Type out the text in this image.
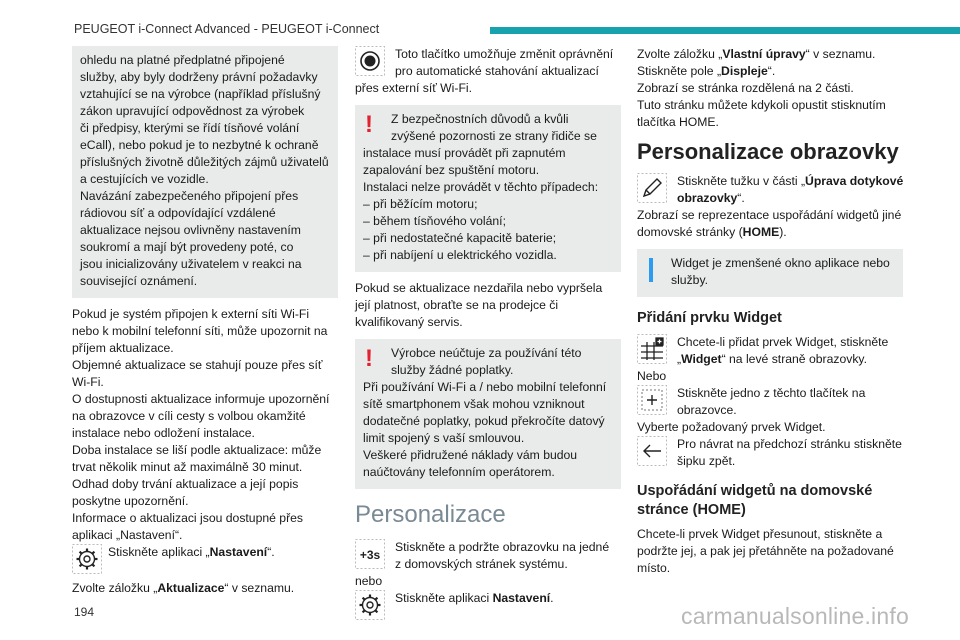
PEUGEOT i-Connect Advanced - PEUGEOT i-Connect
ohledu na platné předplatné připojené
služby, aby byly dodrženy právní požadavky
vztahující se na výrobce (například příslušný
zákon upravující odpovědnost za výrobek
či předpisy, kterými se řídí tísňové volání
eCall), nebo pokud je to nezbytné k ochraně
příslušných životně důležitých zájmů uživatelů
a cestujících ve vozidle.
Navázání zabezpečeného připojení přes
rádiovou síť a odpovídající vzdálené
aktualizace nejsou ovlivněny nastavením
soukromí a mají být provedeny poté, co
jsou inicializovány uživatelem v reakci na
související oznámení.
Pokud je systém připojen k externí síti Wi-Fi
nebo k mobilní telefonní síti, může upozornit na
příjem aktualizace.
Objemné aktualizace se stahují pouze přes síť
Wi-Fi.
O dostupnosti aktualizace informuje upozornění
na obrazovce v cíli cesty s volbou okamžité
instalace nebo odložení instalace.
Doba instalace se liší podle aktualizace: může
trvat několik minut až maximálně 30 minut.
Odhad doby trvání aktualizace a její popis
poskytne upozornění.
Informace o aktualizaci jsou dostupné přes
aplikaci „Nastavení“.
Stiskněte aplikaci „Nastavení“.
Zvolte záložku „Aktualizace“ v seznamu.
Toto tlačítko umožňuje změnit oprávnění
pro automatické stahování aktualizací
přes externí síť Wi-Fi.
! Z bezpečnostních důvodů a kvůli
zvýšené pozornosti ze strany řidiče se
instalace musí provádět při zapnutém
zapalování bez spuštění motoru.
Instalaci nelze provádět v těchto případech:
– při běžícím motoru;
– během tísňového volání;
– při nedostatečné kapacitě baterie;
– při nabíjení u elektrického vozidla.
Pokud se aktualizace nezdařila nebo vypršela
její platnost, obraťte se na prodejce či
kvalifikovaný servis.
! Výrobce neúčtuje za používání této
služby žádné poplatky.
Při používání Wi-Fi a / nebo mobilní telefonní
sítě smartphonem však mohou vzniknout
dodatečné poplatky, pokud překročíte datový
limit spojený s vaší smlouvou.
Veškeré přidružené náklady vám budou
naúčtovány telefonním operátorem.
Personalizace
+3s
Stiskněte a podržte obrazovku na jedné
z domovských stránek systému.
nebo
Stiskněte aplikaci Nastavení.
Zvolte záložku „Vlastní úpravy“ v seznamu.
Stiskněte pole „Displeje“.
Zobrazí se stránka rozdělená na 2 části.
Tuto stránku můžete kdykoli opustit stisknutím
tlačítka HOME.
Personalizace obrazovky
Stiskněte tužku v části „Úprava dotykové
obrazovky“.
Zobrazí se reprezentace uspořádání widgetů jiné
domovské stránky (HOME).
Widget je zmenšené okno aplikace nebo
služby.
Přidání prvku Widget
Chcete-li přidat prvek Widget, stiskněte
„Widget“ na levé straně obrazovky.
Nebo
Stiskněte jedno z těchto tlačítek na
obrazovce.
Vyberte požadovaný prvek Widget.
Pro návrat na předchozí stránku stiskněte
šipku zpět.
Uspořádání widgetů na domovské stránce (HOME)
Chcete-li prvek Widget přesunout, stiskněte a
podržte jej, a pak jej přetáhněte na požadované
místo.
194	carmanualsonline.info
